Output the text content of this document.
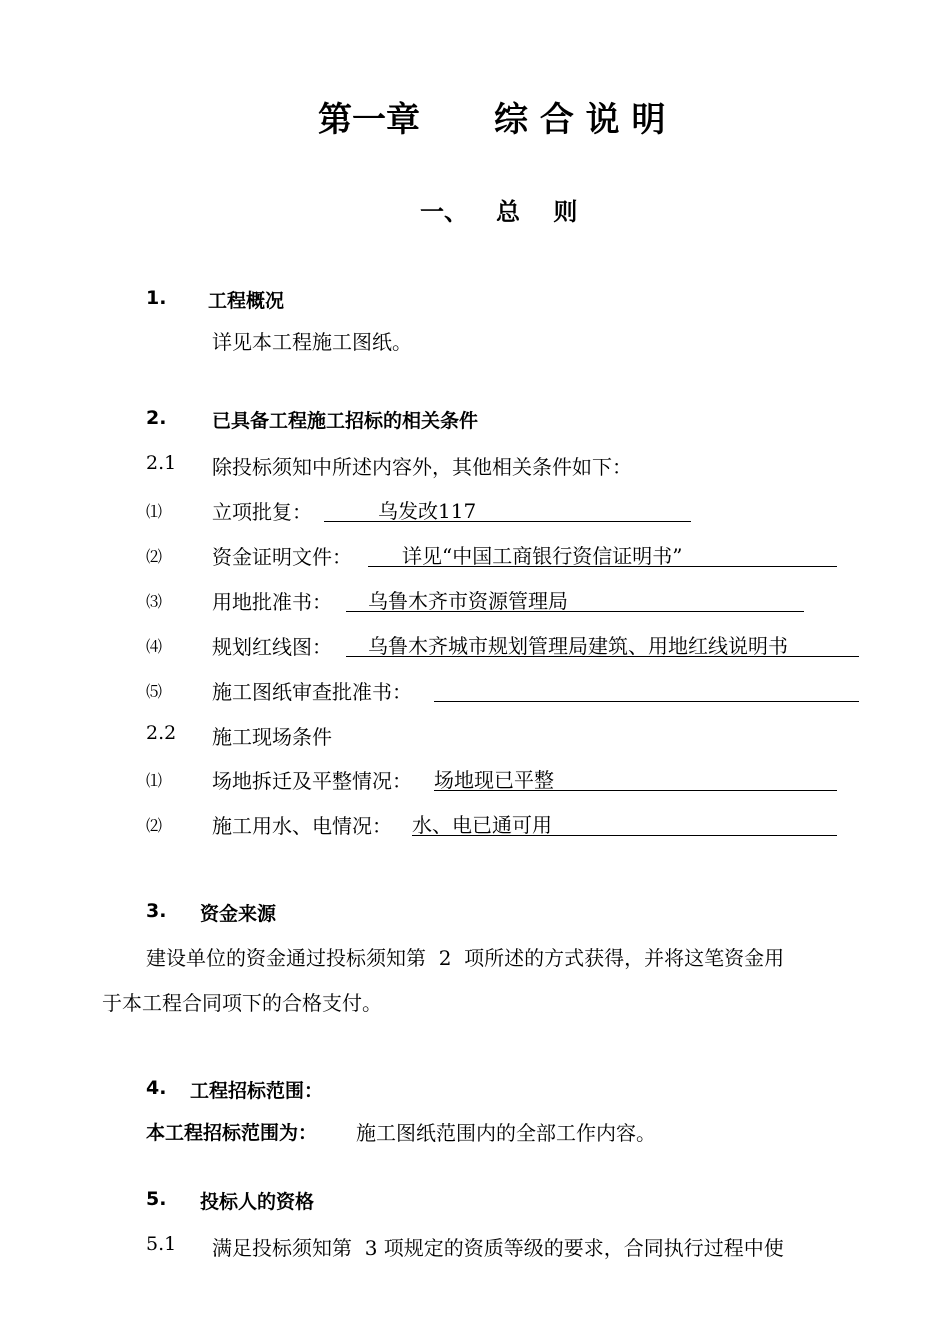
第一章 综 合 说 明
一、 总    则
1. 工程概况
详见本工程施工图纸。
2. 已具备工程施工招标的相关条件
2.1 除投标须知中所述内容外，其他相关条件如下：
⑴ 立项批复：	乌发改117
⑵ 资金证明文件：	详见“中国工商银行资信证明书”
⑶ 用地批准书：	乌鲁木齐市资源管理局
⑷ 规划红线图：	乌鲁木齐城市规划管理局建筑、用地红线说明书
⑸ 施工图纸审查批准书：
2.2 施工现场条件
⑴ 场地拆迁及平整情况： 场地现已平整
⑵ 施工用水、电情况： 水、电已通可用
3. 资金来源
建设单位的资金通过投标须知第  2  项所述的方式获得，并将这笔资金用
于本工程合同项下的合格支付。
4. 工程招标范围：
本工程招标范围为： 施工图纸范围内的全部工作内容。
5. 投标人的资格
5.1 满足投标须知第  3 项规定的资质等级的要求，合同执行过程中使
